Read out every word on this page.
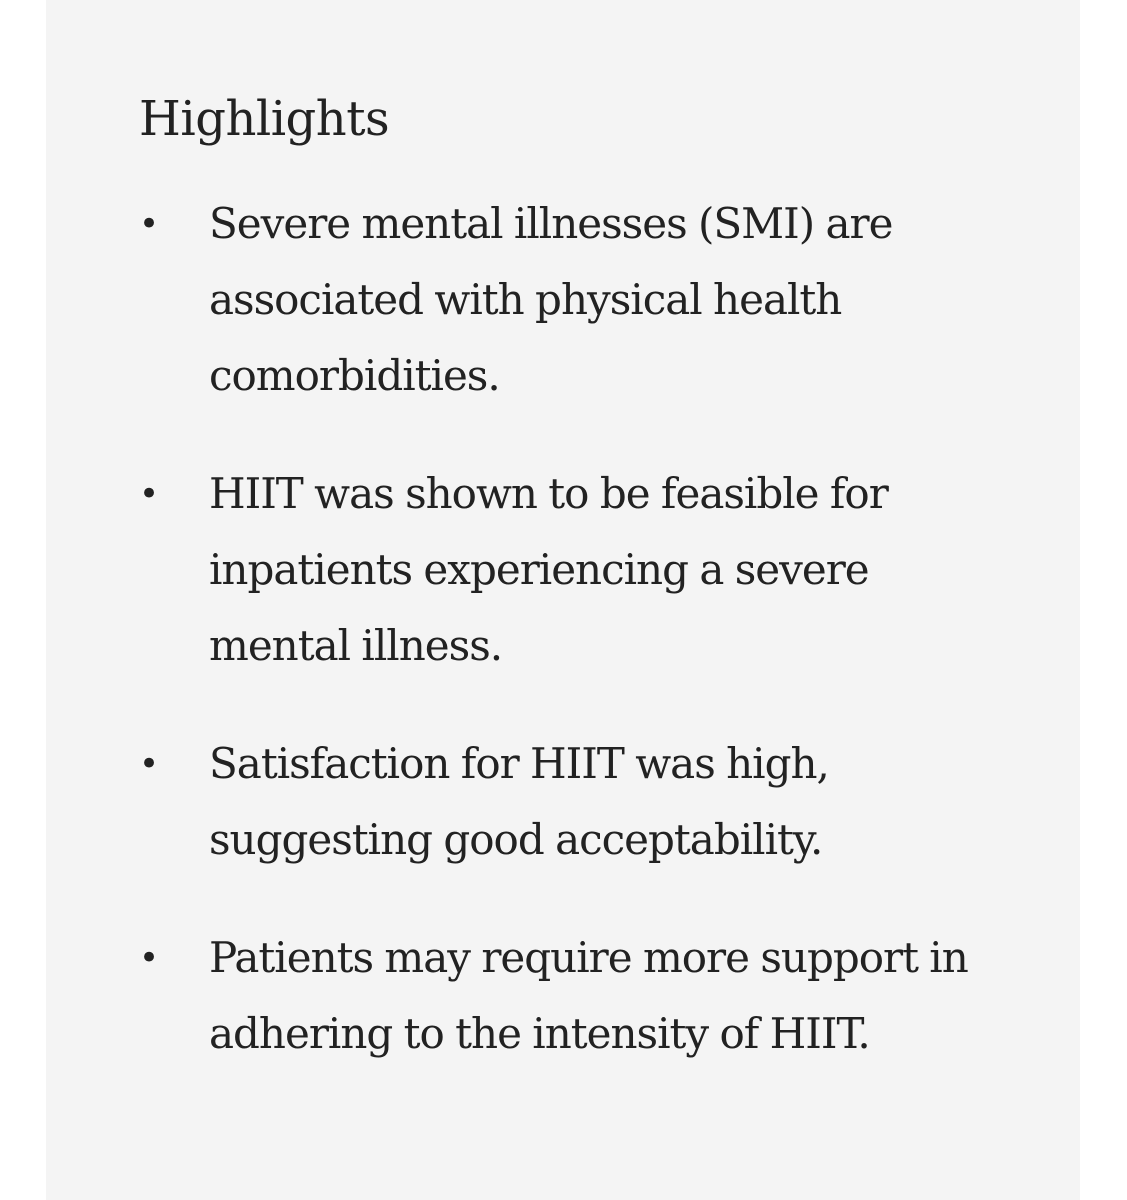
Highlights
• Severe mental illnesses (SMI) are associated with physical health comorbidities.
• HIIT was shown to be feasible for inpatients experiencing a severe mental illness.
• Satisfaction for HIIT was high, suggesting good acceptability.
• Patients may require more support in adhering to the intensity of HIIT.
